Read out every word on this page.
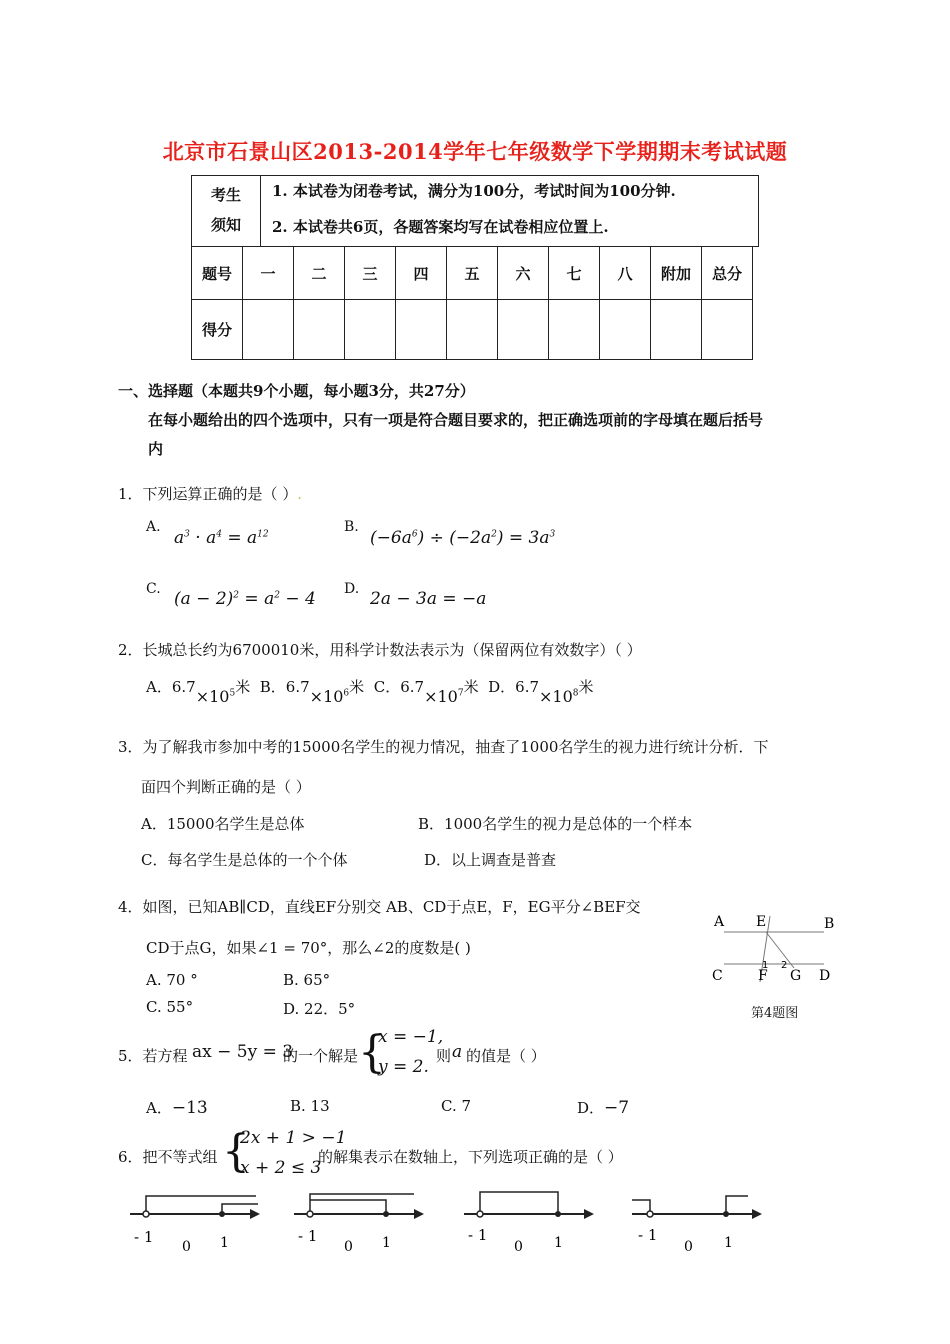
北京市石景山区2013-2014学年七年级数学下学期期末考试试题
考生
须知
1. 本试卷为闭卷考试，满分为100分，考试时间为100分钟.
2. 本试卷共6页，各题答案均写在试卷相应位置上.
题号	一	二	三	四	五	六	七	八	附加	总分
得分										
一、选择题（本题共9个小题，每小题3分，共27分）
在每小题给出的四个选项中，只有一项是符合题目要求的，把正确选项前的字母填在题后括号
内
1．下列运算正确的是（ ）.
A.
$a^3 \cdot a^4 = a^{12}$	B.
$(-6a^6) \div (-2a^2) = 3a^3$
C. $(a - 2)^2 = a^2 - 4$ D. 2a − 3a = −a
2．长城总长约为6700010米，用科学计数法表示为（保留两位有效数字）（ ）
A．$6.7\times 10^5$米 B．$6.7\times 10^6$米 C．$6.7\times 10^7$米 D．$6.7\times 10^8$米
3．为了解我市参加中考的15000名学生的视力情况，抽查了1000名学生的视力进行统计分析．下
面四个判断正确的是（ ）
A．15000名学生是总体	B．1000名学生的视力是总体的一个样本
C．每名学生是总体的一个个体	D．以上调查是普查
4．如图，已知AB∥CD，直线EF分别交 AB、CD于点E，F，EG平分∠BEF交
CD于点G，如果∠1 = 70°，那么∠2的度数是( )
A. 70 °	B. 65°
C. 55°	D. 22．5°
A E	B
C	F G D
1 2
第4题图
5．若方程 ax − 5y = 3
的一个解是 {
x = −1,
y = 2.
则 a 的值是（ ）
A．−13	B. 13	C. 7	D．−7
6．把不等式组 {
2x + 1 > −1
x + 2 ≤ 3
的解集表示在数轴上，下列选项正确的是（ ）
- 1
0 1	- 1
0 1	- 1
0 1	- 1
0 1
